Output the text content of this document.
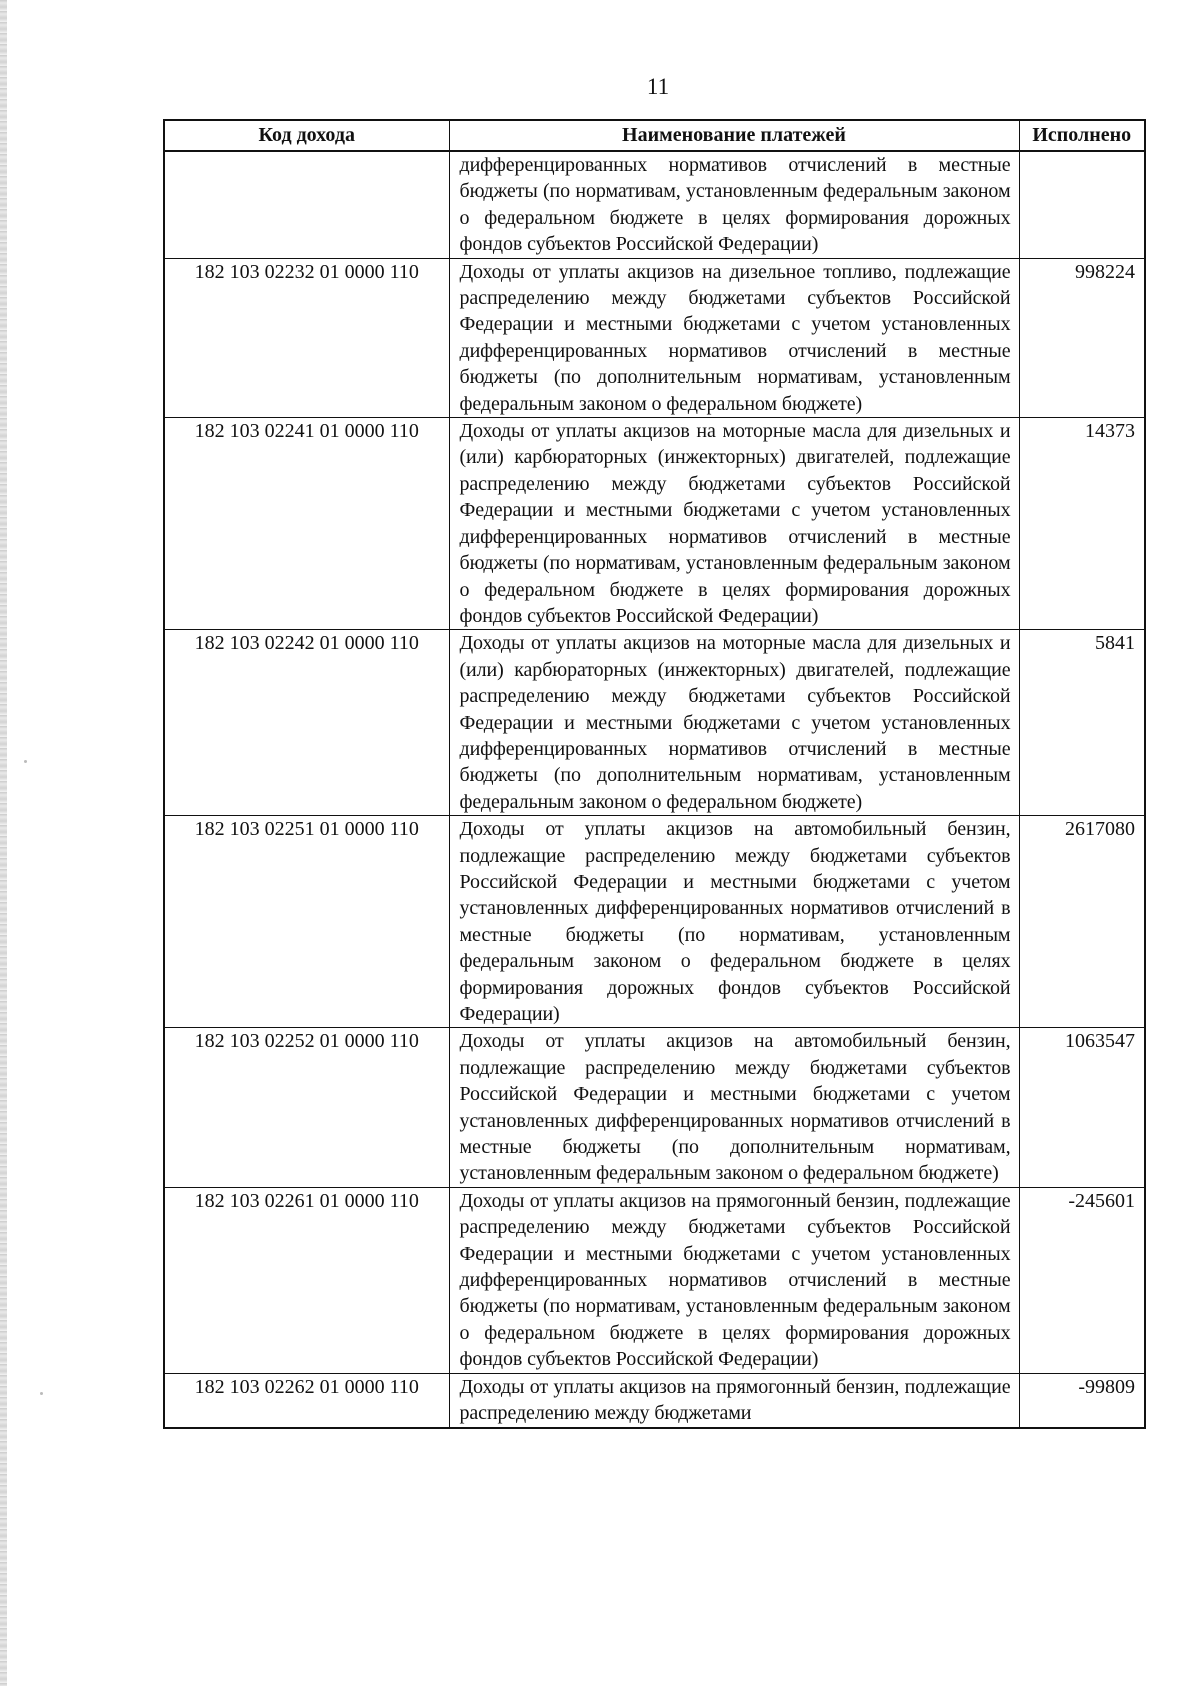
11
Код дохода	Наименование платежей	Исполнено
	дифференцированных нормативов отчислений в местные бюджеты (по нормативам, установленным федеральным законом о федеральном бюджете в целях формирования дорожных фондов субъектов Российской Федерации)	
182 103 02232 01 0000 110	Доходы от уплаты акцизов на дизельное топливо, подлежащие распределению между бюджетами субъектов Российской Федерации и местными бюджетами с учетом установленных дифференцированных нормативов отчислений в местные бюджеты (по дополнительным нормативам, установленным федеральным законом о федеральном бюджете)	998224
182 103 02241 01 0000 110	Доходы от уплаты акцизов на моторные масла для дизельных и (или) карбюраторных (инжекторных) двигателей, подлежащие распределению между бюджетами субъектов Российской Федерации и местными бюджетами с учетом установленных дифференцированных нормативов отчислений в местные бюджеты (по нормативам, установленным федеральным законом о федеральном бюджете в целях формирования дорожных фондов субъектов Российской Федерации)	14373
182 103 02242 01 0000 110	Доходы от уплаты акцизов на моторные масла для дизельных и (или) карбюраторных (инжекторных) двигателей, подлежащие распределению между бюджетами субъектов Российской Федерации и местными бюджетами с учетом установленных дифференцированных нормативов отчислений в местные бюджеты (по дополнительным нормативам, установленным федеральным законом о федеральном бюджете)	5841
182 103 02251 01 0000 110	Доходы от уплаты акцизов на автомобильный бензин, подлежащие распределению между бюджетами субъектов Российской Федерации и местными бюджетами с учетом установленных дифференцированных нормативов отчислений в местные бюджеты (по нормативам, установленным федеральным законом о федеральном бюджете в целях формирования дорожных фондов субъектов Российской Федерации)	2617080
182 103 02252 01 0000 110	Доходы от уплаты акцизов на автомобильный бензин, подлежащие распределению между бюджетами субъектов Российской Федерации и местными бюджетами с учетом установленных дифференцированных нормативов отчислений в местные бюджеты (по дополнительным нормативам, установленным федеральным законом о федеральном бюджете)	1063547
182 103 02261 01 0000 110	Доходы от уплаты акцизов на прямогонный бензин, подлежащие распределению между бюджетами субъектов Российской Федерации и местными бюджетами с учетом установленных дифференцированных нормативов отчислений в местные бюджеты (по нормативам, установленным федеральным законом о федеральном бюджете в целях формирования дорожных фондов субъектов Российской Федерации)	-245601
182 103 02262 01 0000 110	Доходы от уплаты акцизов на прямогонный бензин, подлежащие распределению между бюджетами	-99809
